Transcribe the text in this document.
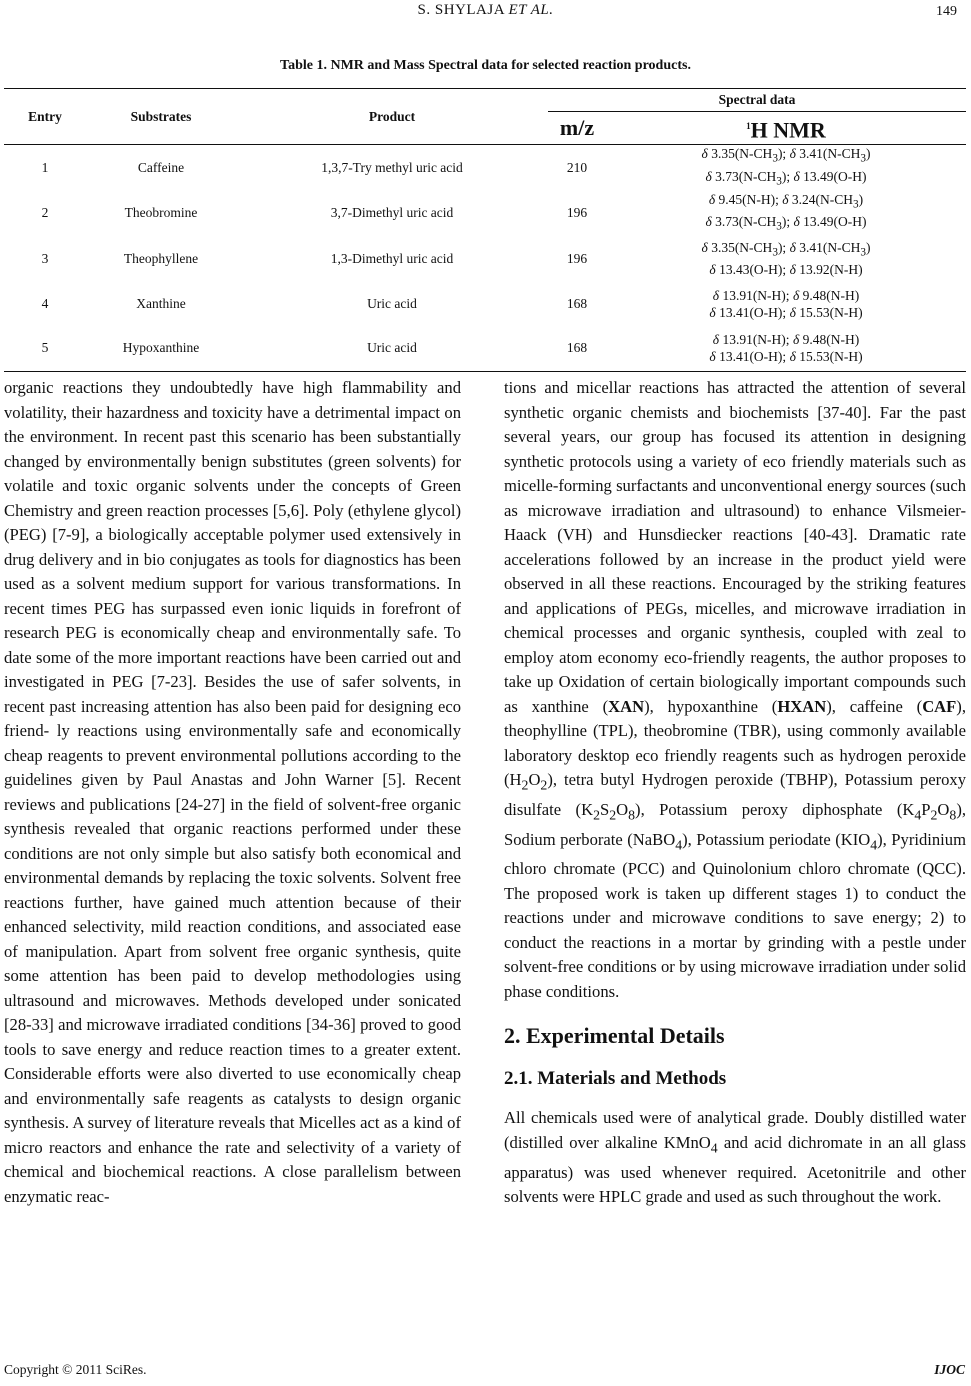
S. SHYLAJA ET AL.	149
Table 1. NMR and Mass Spectral data for selected reaction products.
Entry	Substrates	Product	Spectral data	
			m/z	$^1$H NMR
1	Caffeine	1,3,7-Try methyl uric acid	210	δ $3.35(N-CH_3)$; δ $3.41(N-CH_3)$
δ $3.73(N-CH_3)$; δ 13.49(O-H)

2	Theobromine	3,7-Dimethyl uric acid	196	δ 9.45(N-H); δ $3.24(N-CH_3)$
δ $3.73(N-CH_3)$; δ 13.49(O-H)

3	Theophyllene	1,3-Dimethyl uric acid	196	δ $3.35(N-CH_3)$; δ $3.41(N-CH_3)$
δ 13.43(O-H); δ 13.92(N-H)

4	Xanthine	Uric acid	168	δ 13.91(N-H); δ 9.48(N-H)
δ 13.41(O-H); δ 15.53(N-H)

5	Hypoxanthine	Uric acid	168	δ 13.91(N-H); δ 9.48(N-H)
δ 13.41(O-H); δ 15.53(N-H)

organic reactions they undoubtedly have high flammability and volatility, their hazardness and toxicity have a detrimental impact on the environment. In recent past this scenario has been substantially changed by environmentally benign substitutes (green solvents) for volatile and toxic organic solvents under the concepts of Green Chemistry and green reaction processes [5,6]. Poly (ethylene glycol) (PEG) [7-9], a biologically acceptable polymer used extensively in drug delivery and in bio conjugates as tools for diagnostics has been used as a solvent medium support for various transformations. In recent times PEG has surpassed even ionic liquids in forefront of research PEG is economically cheap and environmentally safe. To date some of the more important reactions have been carried out and investigated in PEG [7-23]. Besides the use of safer solvents, in recent past increasing attention has also been paid for designing eco friend- ly reactions using environmentally safe and economically cheap reagents to prevent environmental pollutions according to the guidelines given by Paul Anastas and John Warner [5]. Recent reviews and publications [24-27] in the field of solvent-free organic synthesis revealed that organic reactions performed under these conditions are not only simple but also satisfy both economical and environmental demands by replacing the toxic solvents. Solvent free reactions further, have gained much attention because of their enhanced selectivity, mild reaction conditions, and associated ease of manipulation. Apart from solvent free organic synthesis, quite some attention has been paid to develop methodologies using ultrasound and microwaves. Methods developed under sonicated [28-33] and microwave irradiated conditions [34-36] proved to good tools to save energy and reduce reaction times to a greater extent. Considerable efforts were also diverted to use economically cheap and environmentally safe reagents as catalysts to design organic synthesis. A survey of literature reveals that Micelles act as a kind of micro reactors and enhance the rate and selectivity of a variety of chemical and biochemical reactions. A close parallelism between enzymatic reac-

tions and micellar reactions has attracted the attention of several synthetic organic chemists and biochemists [37-40]. Far the past several years, our group has focused its attention in designing synthetic protocols using a variety of eco friendly materials such as micelle-forming surfactants and unconventional energy sources (such as microwave irradiation and ultrasound) to enhance Vilsmeier-Haack (VH) and Hunsdiecker reactions [40-43]. Dramatic rate accelerations followed by an increase in the product yield were observed in all these reactions. Encouraged by the striking features and applications of PEGs, micelles, and microwave irradiation in chemical processes and organic synthesis, coupled with zeal to employ atom economy eco-friendly reagents, the author proposes to take up Oxidation of certain biologically important compounds such as xanthine (XAN), hypoxanthine (HXAN), caffeine (CAF), theophylline (TPL), theobromine (TBR), using commonly available laboratory desktop eco friendly reagents such as hydrogen peroxide $(H_2O_2)$, tetra butyl Hydrogen peroxide (TBHP), Potassium peroxy disulfate $(K_2S_2O_8)$, Potassium peroxy diphosphate $(K_4P_2O_8)$, Sodium perborate (NaBO$_4$), Potassium periodate $(KIO_4)$, Pyridinium chloro chromate (PCC) and Quinolonium chloro chromate (QCC). The proposed work is taken up different stages 1) to conduct the reactions under and microwave conditions to save energy; 2) to conduct the reactions in a mortar by grinding with a pestle under solvent-free conditions or by using microwave irradiation under solid phase conditions.

2. Experimental Details
2.1. Materials and Methods

All chemicals used were of analytical grade. Doubly distilled water (distilled over alkaline KMnO$_4$ and acid dichromate in an all glass apparatus) was used whenever required. Acetonitrile and other solvents were HPLC grade and used as such throughout the work.

Copyright © 2011 SciRes.	IJOC
